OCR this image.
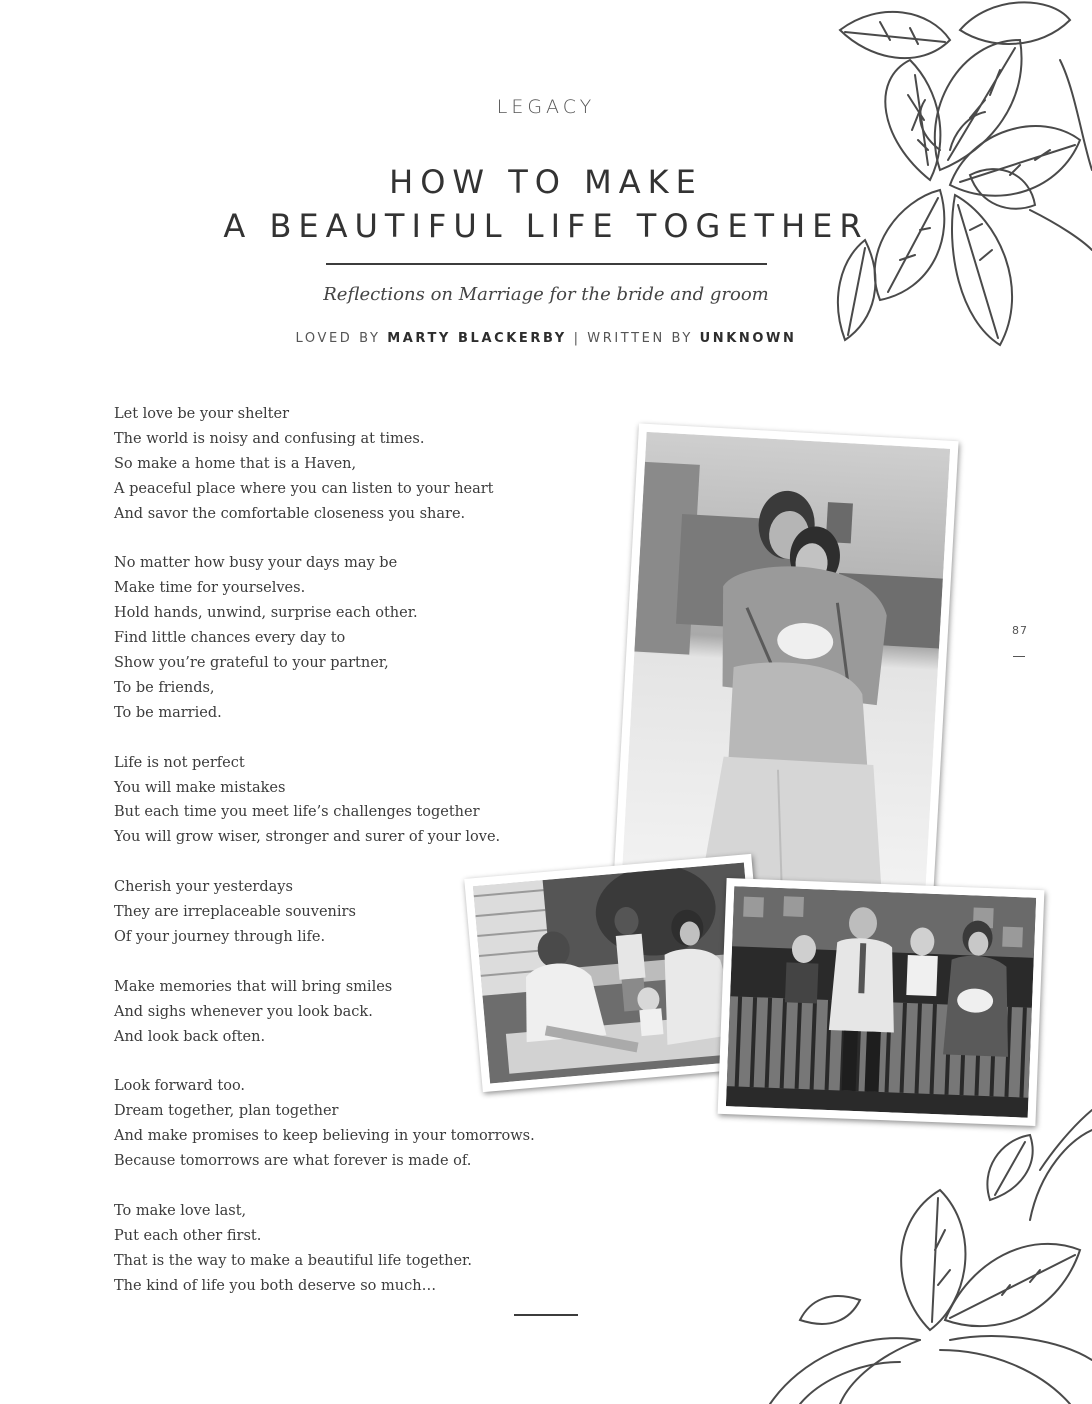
LEGACY
HOW TO MAKE
A BEAUTIFUL LIFE TOGETHER
Reflections on Marriage for the bride and groom
LOVED BY MARTY BLACKERBY | WRITTEN BY UNKNOWN
Let love be your shelter
The world is noisy and confusing at times.
So make a home that is a Haven,
A peaceful place where you can listen to your heart
And savor the comfortable closeness you share.
No matter how busy your days may be
Make time for yourselves.
Hold hands, unwind, surprise each other.
Find little chances every day to
Show you’re grateful to your partner,
To be friends,
To be married.
Life is not perfect
You will make mistakes
But each time you meet life’s challenges together
You will grow wiser, stronger and surer of your love.
Cherish your yesterdays
They are irreplaceable souvenirs
Of your journey through life.
Make memories that will bring smiles
And sighs whenever you look back.
And look back often.
Look forward too.
Dream together, plan together
And make promises to keep believing in your tomorrows.
Because tomorrows are what forever is made of.
To make love last,
Put each other first.
That is the way to make a beautiful life together.
The kind of life you both deserve so much…
87
